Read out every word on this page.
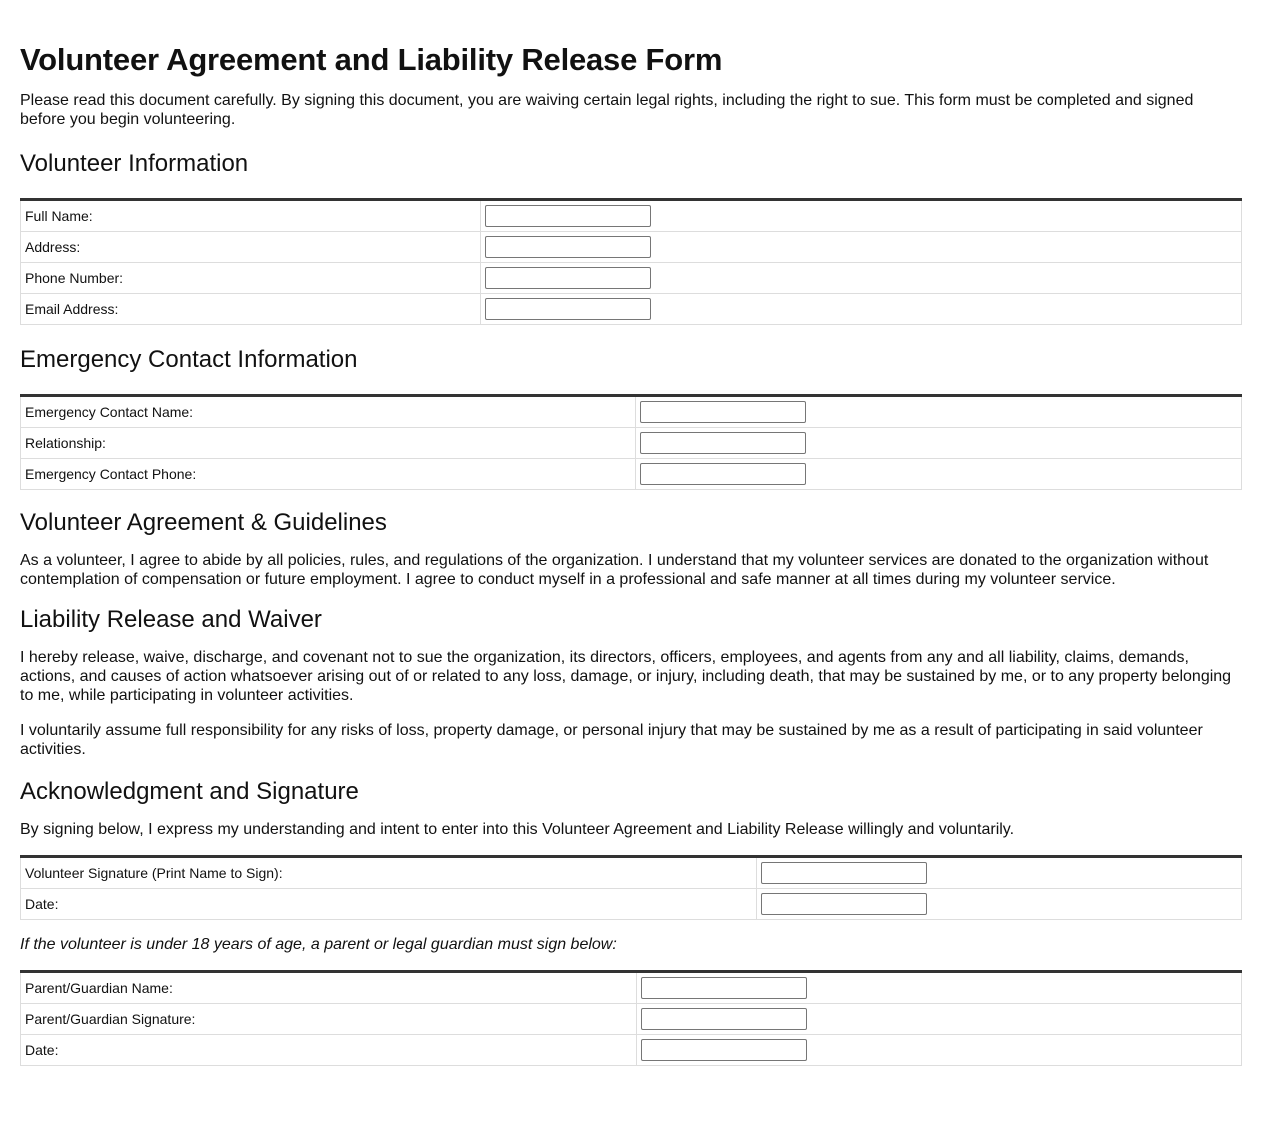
Volunteer Agreement and Liability Release Form

Please read this document carefully. By signing this document, you are waiving certain legal rights, including the right to sue. This form must be completed and signed before you begin volunteering.

Volunteer Information
Full Name:	
Address:	
Phone Number:	
Email Address:	
Emergency Contact Information
Emergency Contact Name:	
Relationship:	
Emergency Contact Phone:	
Volunteer Agreement & Guidelines

As a volunteer, I agree to abide by all policies, rules, and regulations of the organization. I understand that my volunteer services are donated to the organization without contemplation of compensation or future employment. I agree to conduct myself in a professional and safe manner at all times during my volunteer service.

Liability Release and Waiver

I hereby release, waive, discharge, and covenant not to sue the organization, its directors, officers, employees, and agents from any and all liability, claims, demands, actions, and causes of action whatsoever arising out of or related to any loss, damage, or injury, including death, that may be sustained by me, or to any property belonging to me, while participating in volunteer activities.

I voluntarily assume full responsibility for any risks of loss, property damage, or personal injury that may be sustained by me as a result of participating in said volunteer activities.

Acknowledgment and Signature

By signing below, I express my understanding and intent to enter into this Volunteer Agreement and Liability Release willingly and voluntarily.

Volunteer Signature (Print Name to Sign):	
Date:	

If the volunteer is under 18 years of age, a parent or legal guardian must sign below:

Parent/Guardian Name:	
Parent/Guardian Signature:	
Date:	
